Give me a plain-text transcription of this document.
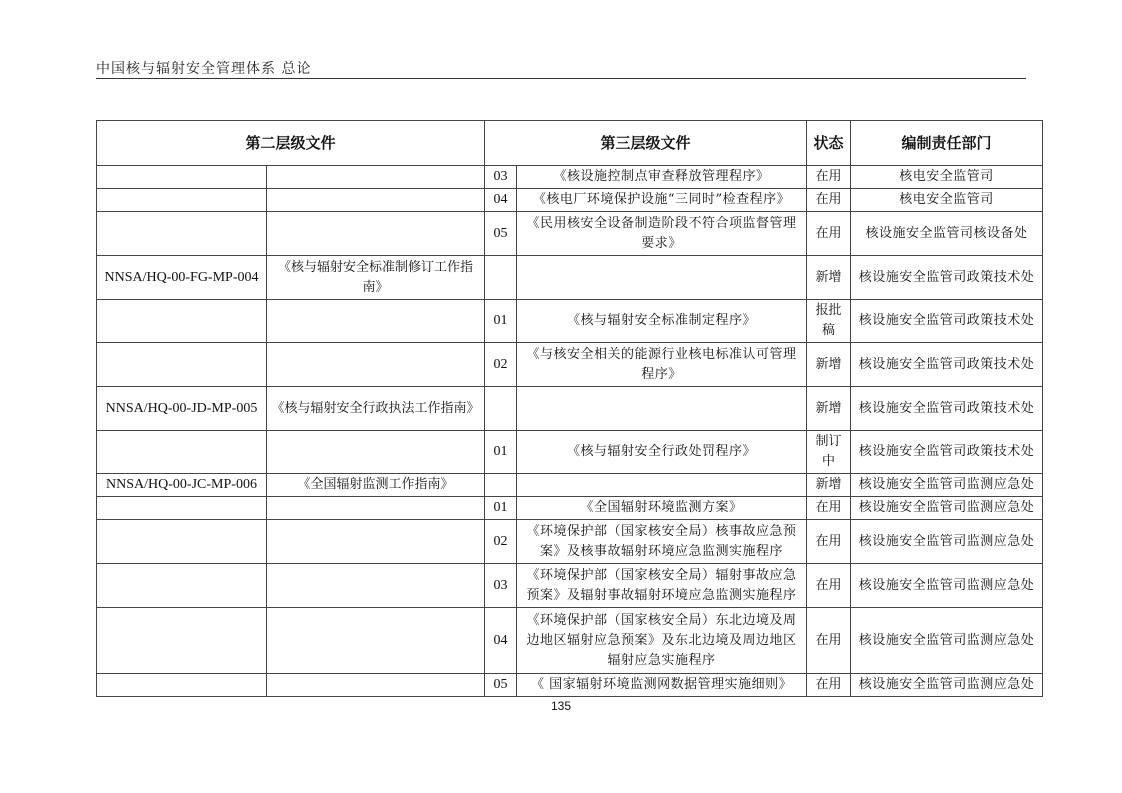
中国核与辐射安全管理体系 总论
第二层级文件		第三层级文件		状态	编制责任部门
		03	《核设施控制点审查释放管理程序》	在用	核电安全监管司
		04	《核电厂环境保护设施“三同时”检查程序》	在用	核电安全监管司
		05	《民用核安全设备制造阶段不符合项监督管理要求》	在用	核设施安全监管司核设备处
NNSA/HQ-00-FG-MP-004	《核与辐射安全标准制修订工作指南》			新增	核设施安全监管司政策技术处
		01	《核与辐射安全标准制定程序》	报批稿	核设施安全监管司政策技术处
		02	《与核安全相关的能源行业核电标准认可管理程序》	新增	核设施安全监管司政策技术处
NNSA/HQ-00-JD-MP-005	《核与辐射安全行政执法工作指南》			新增	核设施安全监管司政策技术处
		01	《核与辐射安全行政处罚程序》	制订中	核设施安全监管司政策技术处
NNSA/HQ-00-JC-MP-006	《全国辐射监测工作指南》			新增	核设施安全监管司监测应急处
		01	《全国辐射环境监测方案》	在用	核设施安全监管司监测应急处
		02	《环境保护部（国家核安全局）核事故应急预案》及核事故辐射环境应急监测实施程序	在用	核设施安全监管司监测应急处
		03	《环境保护部（国家核安全局）辐射事故应急预案》及辐射事故辐射环境应急监测实施程序	在用	核设施安全监管司监测应急处
		04	《环境保护部（国家核安全局）东北边境及周边地区辐射应急预案》及东北边境及周边地区辐射应急实施程序	在用	核设施安全监管司监测应急处
		05	《 国家辐射环境监测网数据管理实施细则》	在用	核设施安全监管司监测应急处
135
